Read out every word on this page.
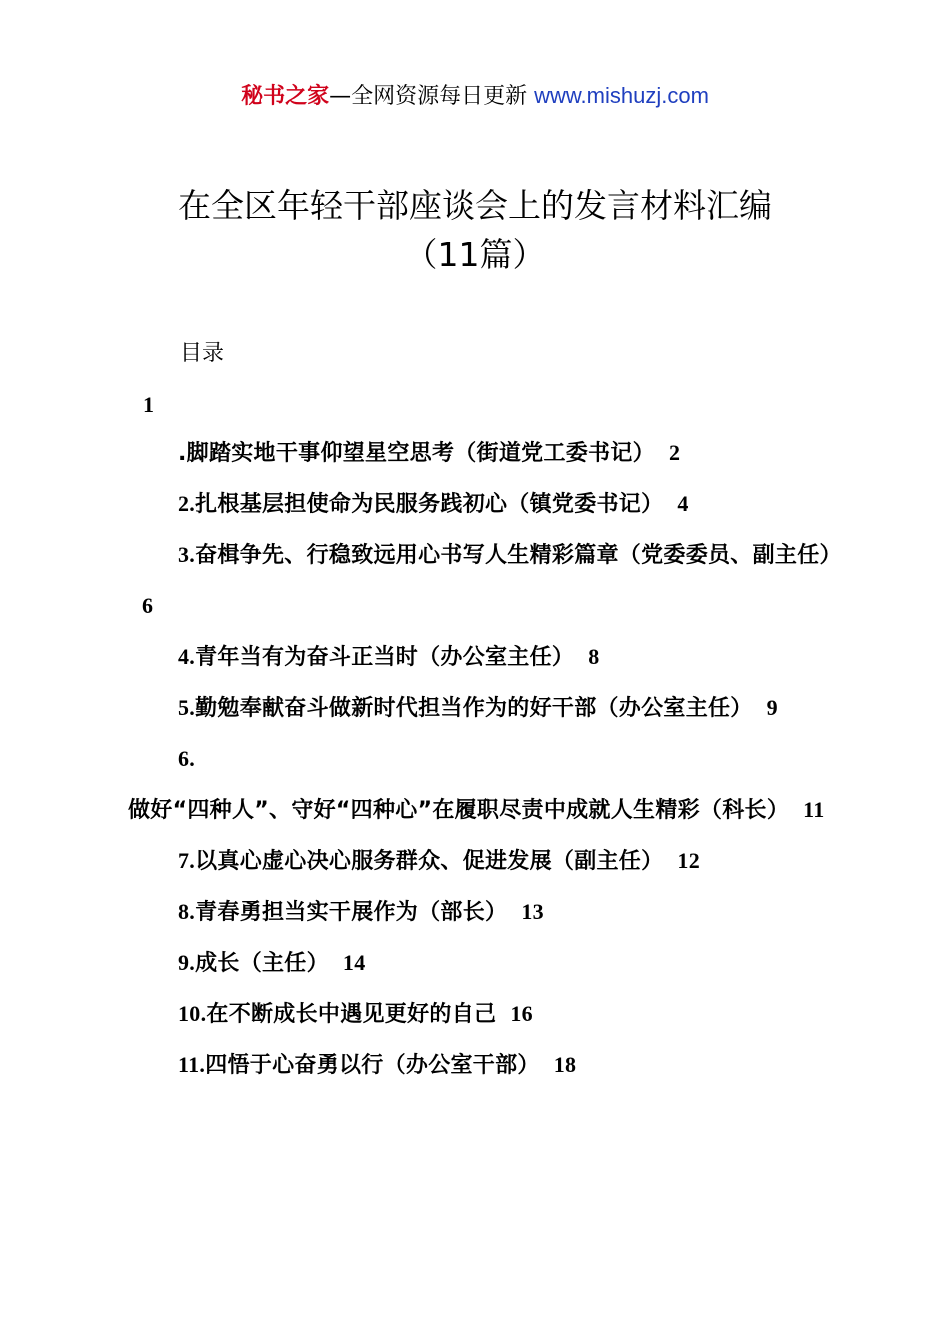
秘书之家—全网资源每日更新 www.mishuzj.com
在全区年轻干部座谈会上的发言材料汇编
（11篇）
目录
1
.脚踏实地干事仰望星空思考（街道党工委书记） 2
2.扎根基层担使命为民服务践初心（镇党委书记） 4
3.奋楫争先、行稳致远用心书写人生精彩篇章（党委委员、副主任）6
4.青年当有为奋斗正当时（办公室主任） 8
5.勤勉奉献奋斗做新时代担当作为的好干部（办公室主任） 9
6.做好“四种人”、守好“四种心”在履职尽责中成就人生精彩（科长） 11
7.以真心虚心决心服务群众、促进发展（副主任） 12
8.青春勇担当实干展作为（部长） 13
9.成长（主任） 14
10.在不断成长中遇见更好的自己 16
11.四悟于心奋勇以行（办公室干部） 18
